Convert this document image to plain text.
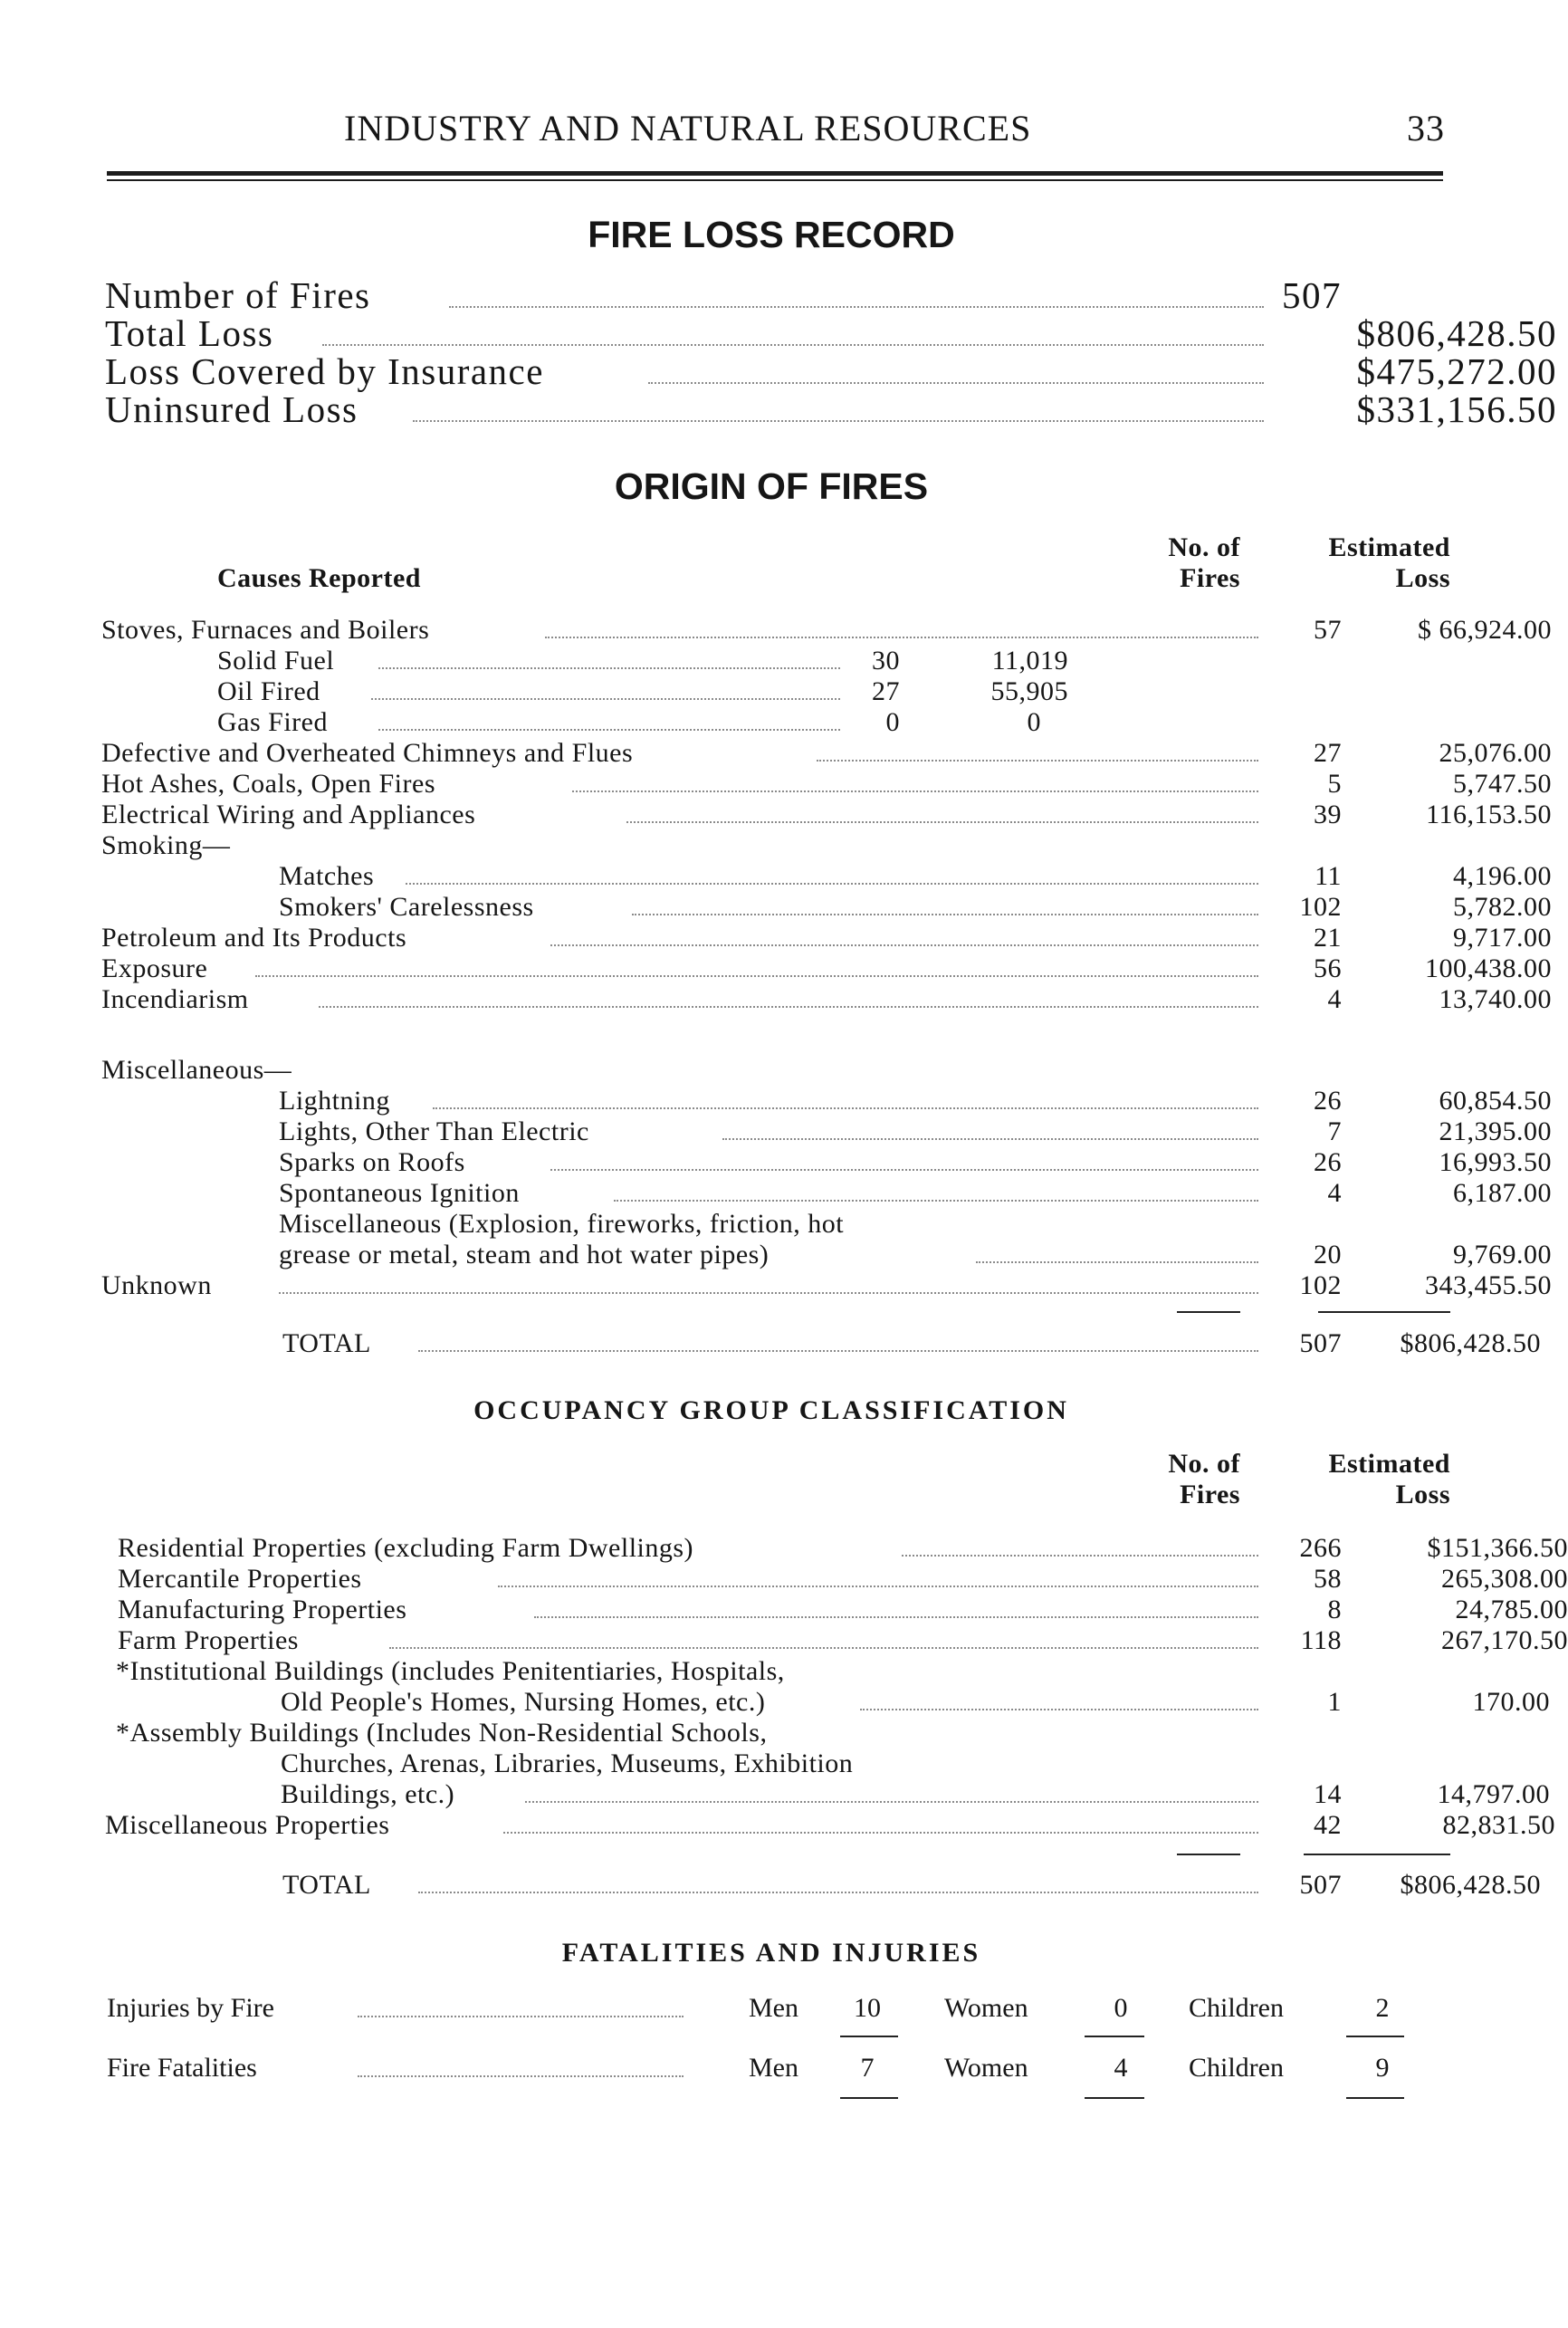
INDUSTRY AND NATURAL RESOURCES	33
FIRE LOSS RECORD
Number of Fires	507
Total Loss	$806,428.50
Loss Covered by Insurance	$475,272.00
Uninsured Loss	$331,156.50
ORIGIN OF FIRES
No. of
Fires
Estimated
Loss
Causes Reported
Stoves, Furnaces and Boilers	57	$ 66,924.00
Solid Fuel	30	11,019
Oil Fired	27	55,905
Gas Fired	0	0
Defective and Overheated Chimneys and Flues	27	25,076.00
Hot Ashes, Coals, Open Fires	5	5,747.50
Electrical Wiring and Appliances	39	116,153.50
Smoking—
Matches	11	4,196.00
Smokers' Carelessness	102	5,782.00
Petroleum and Its Products	21	9,717.00
Exposure	56	100,438.00
Incendiarism	4	13,740.00
Miscellaneous—
Lightning	26	60,854.50
Lights, Other Than Electric	7	21,395.00
Sparks on Roofs	26	16,993.50
Spontaneous Ignition	4	6,187.00
Miscellaneous (Explosion, fireworks, friction, hot
grease or metal, steam and hot water pipes)	20	9,769.00
Unknown	102	343,455.50
TOTAL	507	$806,428.50
OCCUPANCY GROUP CLASSIFICATION
No. of
Fires
Estimated
Loss
Residential Properties (excluding Farm Dwellings)	266	$151,366.50
Mercantile Properties	58	265,308.00
Manufacturing Properties	8	24,785.00
Farm Properties	118	267,170.50
*Institutional Buildings (includes Penitentiaries, Hospitals,
Old People's Homes, Nursing Homes, etc.)	1	170.00
*Assembly Buildings (Includes Non-Residential Schools,
Churches, Arenas, Libraries, Museums, Exhibition
Buildings, etc.)	14	14,797.00
Miscellaneous Properties	42	82,831.50
TOTAL	507	$806,428.50
FATALITIES AND INJURIES
Injuries by Fire	Men	10	Women	0	Children	2
Fire Fatalities	Men	7	Women	4	Children	9
